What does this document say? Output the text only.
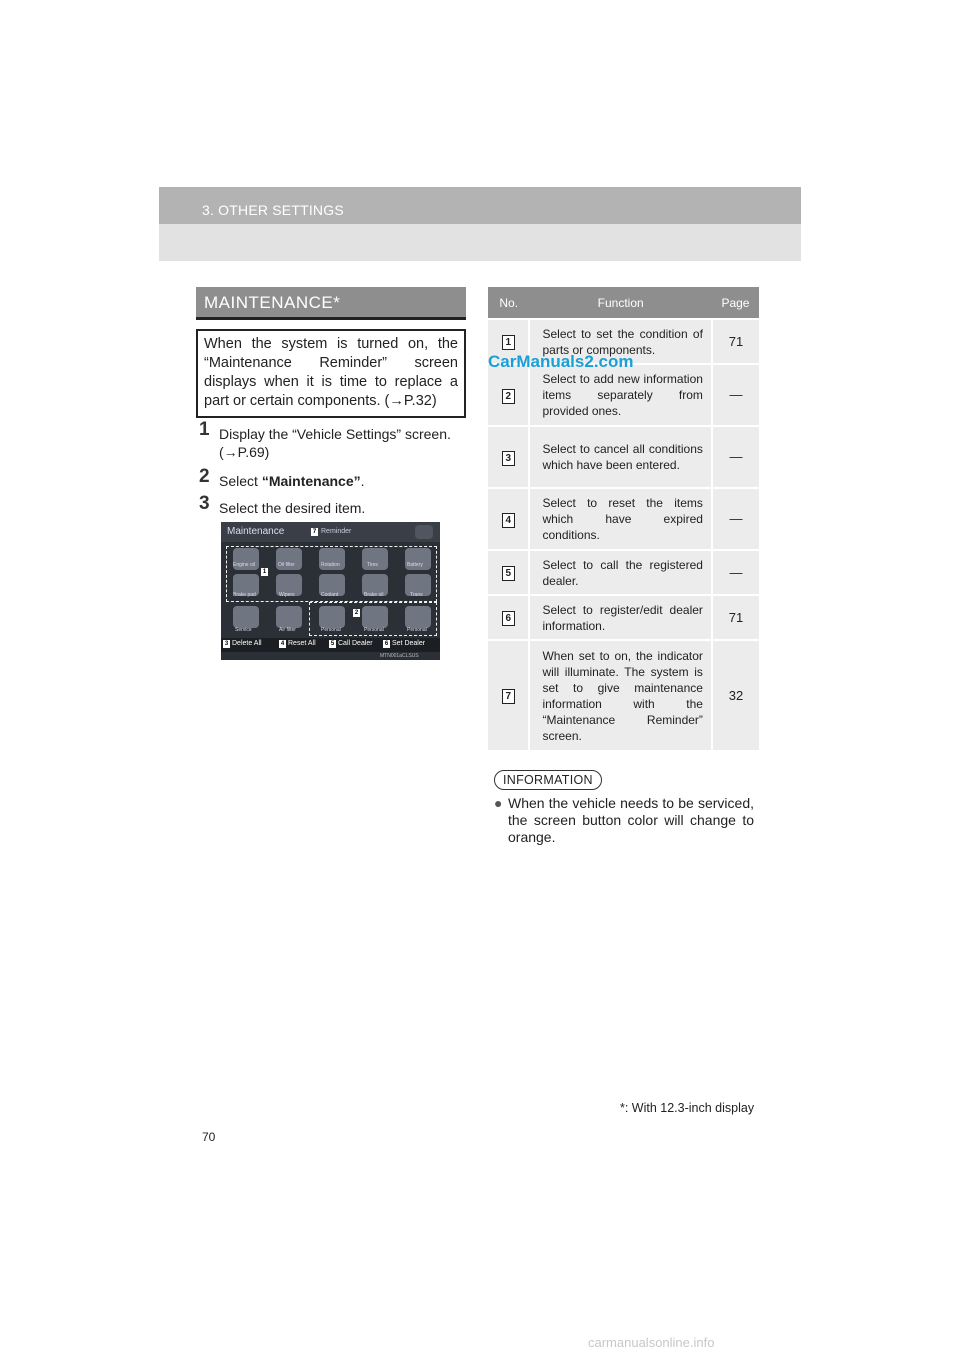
3. OTHER SETTINGS
MAINTENANCE*
When the system is turned on, the “Maintenance Reminder” screen displays when it is time to replace a part or certain components. (→P.32)
1 Display the “Vehicle Settings” screen.
(→P.69)
2 Select “Maintenance”.
3 Select the desired item.
Maintenance	7 Reminder
1
2
Engine oil	Oil filter	Rotation	Tires	Battery
Brake pad	Wipers	Coolant	Brake oil	Trans
Service	Air filter	Personal	Personal	Personal
3 Delete All	4 Reset All	5 Call Dealer	6 Set Dealer
MTN001aCLSUS
No.	Function	Page
1	Select to set the condition of parts or components.	71
2	Select to add new information items separately from provided ones.	—
3	Select to cancel all conditions which have been entered.	—
4	Select to reset the items which have expired conditions.	—
5	Select to call the registered dealer.	—
6	Select to register/edit dealer information.	71
7	When set to on, the indicator will illuminate. The system is set to give maintenance information with the “Maintenance Reminder” screen.	32
CarManuals2.com
INFORMATION
● When the vehicle needs to be serviced, the screen button color will change to orange.
*: With 12.3-inch display
70
carmanualsonline.info
